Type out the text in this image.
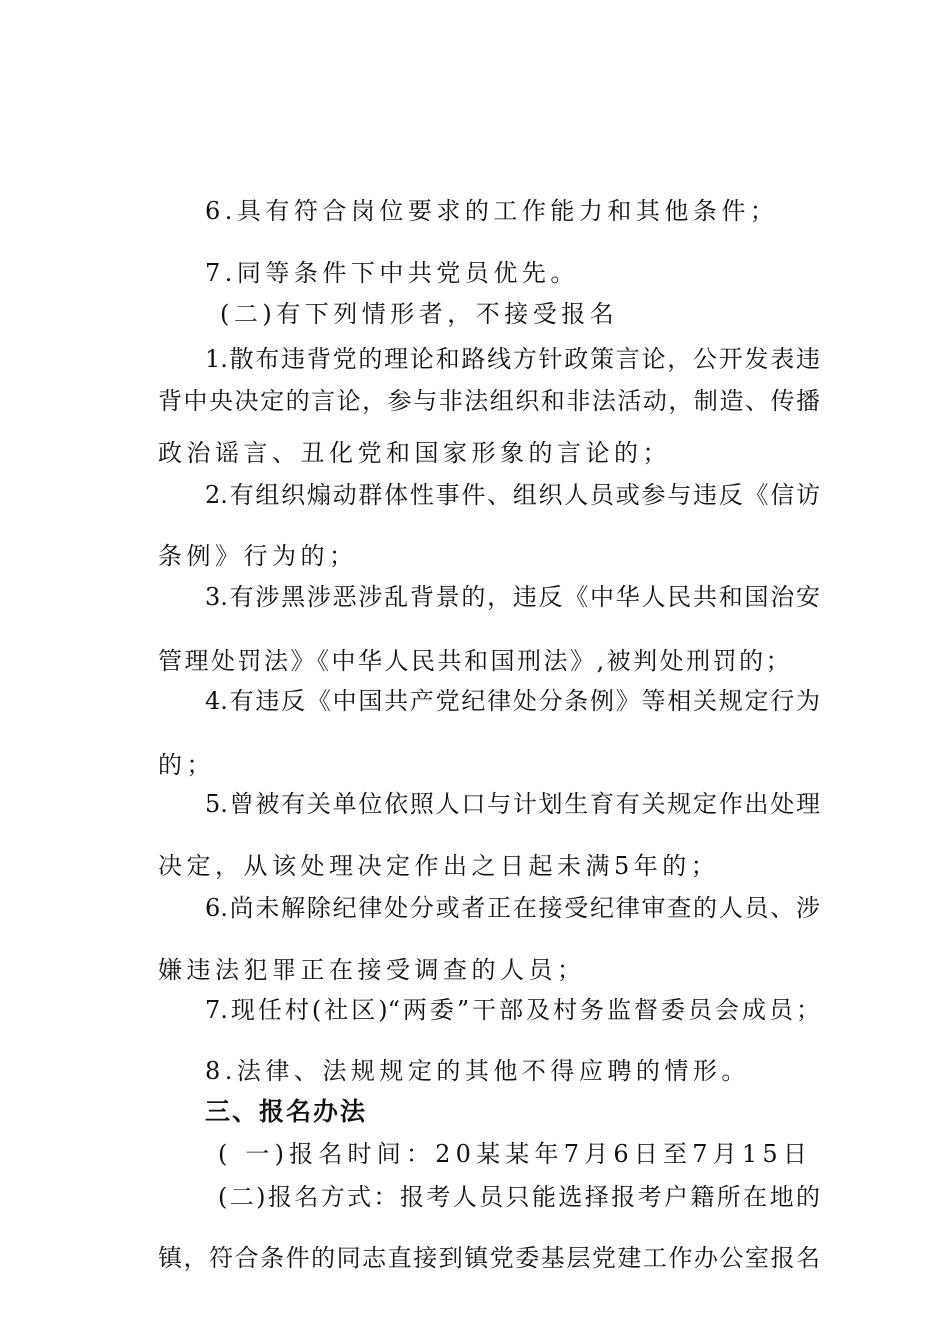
6.具有符合岗位要求的工作能力和其他条件；
7.同等条件下中共党员优先。
(二)有下列情形者，不接受报名
1.散布违背党的理论和路线方针政策言论，公开发表违
背中央决定的言论，参与非法组织和非法活动，制造、传播
政治谣言、丑化党和国家形象的言论的；
2.有组织煽动群体性事件、组织人员或参与违反《信访
条例》行为的；
3.有涉黑涉恶涉乱背景的，违反《中华人民共和国治安
管理处罚法》《中华人民共和国刑法》,被判处刑罚的；
4.有违反《中国共产党纪律处分条例》等相关规定行为
的；
5.曾被有关单位依照人口与计划生育有关规定作出处理
决定，从该处理决定作出之日起未满5年的；
6.尚未解除纪律处分或者正在接受纪律审查的人员、涉
嫌违法犯罪正在接受调查的人员；
7.现任村(社区)“两委”干部及村务监督委员会成员；
8.法律、法规规定的其他不得应聘的情形。
三、报名办法
( 一)报名时间：20某某年7月6日至7月15日
(二)报名方式：报考人员只能选择报考户籍所在地的
镇，符合条件的同志直接到镇党委基层党建工作办公室报名
